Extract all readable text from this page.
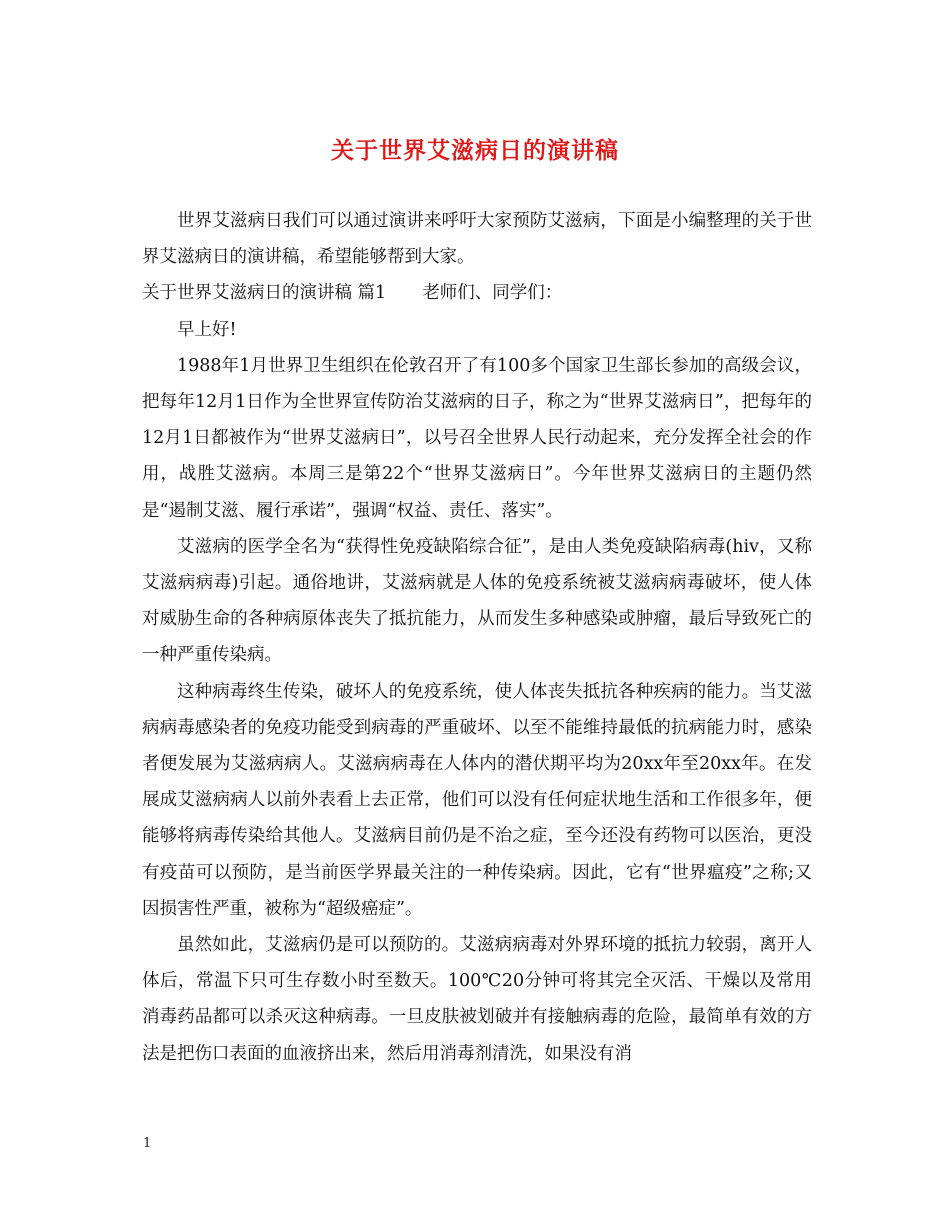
关于世界艾滋病日的演讲稿

世界艾滋病日我们可以通过演讲来呼吁大家预防艾滋病，下面是小编整理的关于世界艾滋病日的演讲稿，希望能够帮到大家。

关于世界艾滋病日的演讲稿 篇1 老师们、同学们：

早上好!

1988年1月世界卫生组织在伦敦召开了有100多个国家卫生部长参加的高级会议，把每年12月1日作为全世界宣传防治艾滋病的日子，称之为“世界艾滋病日”，把每年的12月1日都被作为“世界艾滋病日”，以号召全世界人民行动起来，充分发挥全社会的作用，战胜艾滋病。本周三是第22个“世界艾滋病日”。今年世界艾滋病日的主题仍然是“遏制艾滋、履行承诺”，强调“权益、责任、落实”。

艾滋病的医学全名为“获得性免疫缺陷综合征”，是由人类免疫缺陷病毒(hiv，又称艾滋病病毒)引起。通俗地讲，艾滋病就是人体的免疫系统被艾滋病病毒破坏，使人体对威胁生命的各种病原体丧失了抵抗能力，从而发生多种感染或肿瘤，最后导致死亡的一种严重传染病。

这种病毒终生传染，破坏人的免疫系统，使人体丧失抵抗各种疾病的能力。当艾滋病病毒感染者的免疫功能受到病毒的严重破坏、以至不能维持最低的抗病能力时，感染者便发展为艾滋病病人。艾滋病病毒在人体内的潜伏期平均为20xx年至20xx年。在发展成艾滋病病人以前外表看上去正常，他们可以没有任何症状地生活和工作很多年，便能够将病毒传染给其他人。艾滋病目前仍是不治之症，至今还没有药物可以医治，更没有疫苗可以预防，是当前医学界最关注的一种传染病。因此，它有“世界瘟疫”之称;又因损害性严重，被称为“超级癌症”。

虽然如此，艾滋病仍是可以预防的。艾滋病病毒对外界环境的抵抗力较弱，离开人体后，常温下只可生存数小时至数天。100℃20分钟可将其完全灭活、干燥以及常用消毒药品都可以杀灭这种病毒。一旦皮肤被划破并有接触病毒的危险，最简单有效的方法是把伤口表面的血液挤出来，然后用消毒剂清洗，如果没有消

1
